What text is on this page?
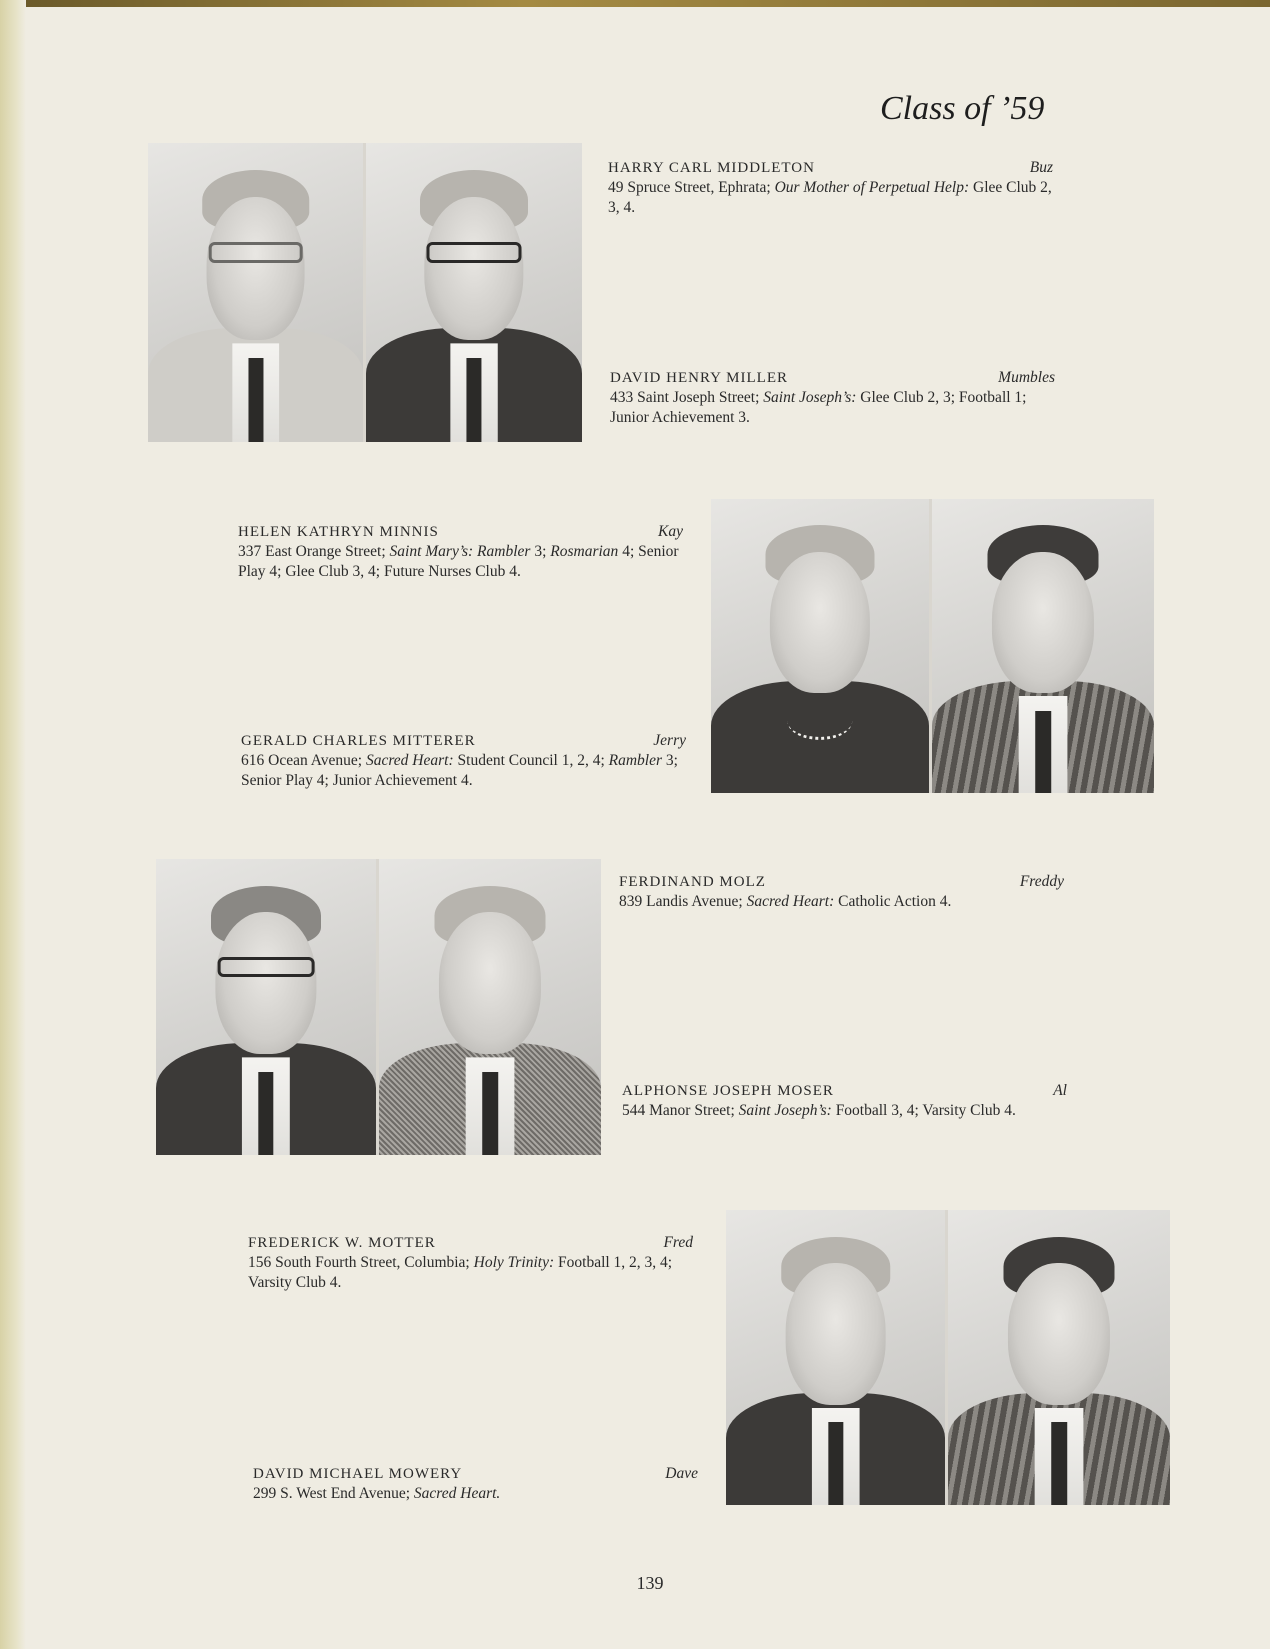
Class of ’59
HARRY CARL MIDDLETON	Buz
49 Spruce Street, Ephrata; Our Mother of Perpetual Help: Glee Club 2, 3, 4.
DAVID HENRY MILLER	Mumbles
433 Saint Joseph Street; Saint Joseph’s: Glee Club 2, 3; Football 1; Junior Achievement 3.
HELEN KATHRYN MINNIS	Kay
337 East Orange Street; Saint Mary’s: Rambler 3; Rosmarian 4; Senior Play 4; Glee Club 3, 4; Future Nurses Club 4.
GERALD CHARLES MITTERER	Jerry
616 Ocean Avenue; Sacred Heart: Student Council 1, 2, 4; Rambler 3; Senior Play 4; Junior Achievement 4.
FERDINAND MOLZ	Freddy
839 Landis Avenue; Sacred Heart: Catholic Action 4.
ALPHONSE JOSEPH MOSER	Al
544 Manor Street; Saint Joseph’s: Football 3, 4; Varsity Club 4.
FREDERICK W. MOTTER	Fred
156 South Fourth Street, Columbia; Holy Trinity: Football 1, 2, 3, 4; Varsity Club 4.
DAVID MICHAEL MOWERY	Dave
299 S. West End Avenue; Sacred Heart.
139
